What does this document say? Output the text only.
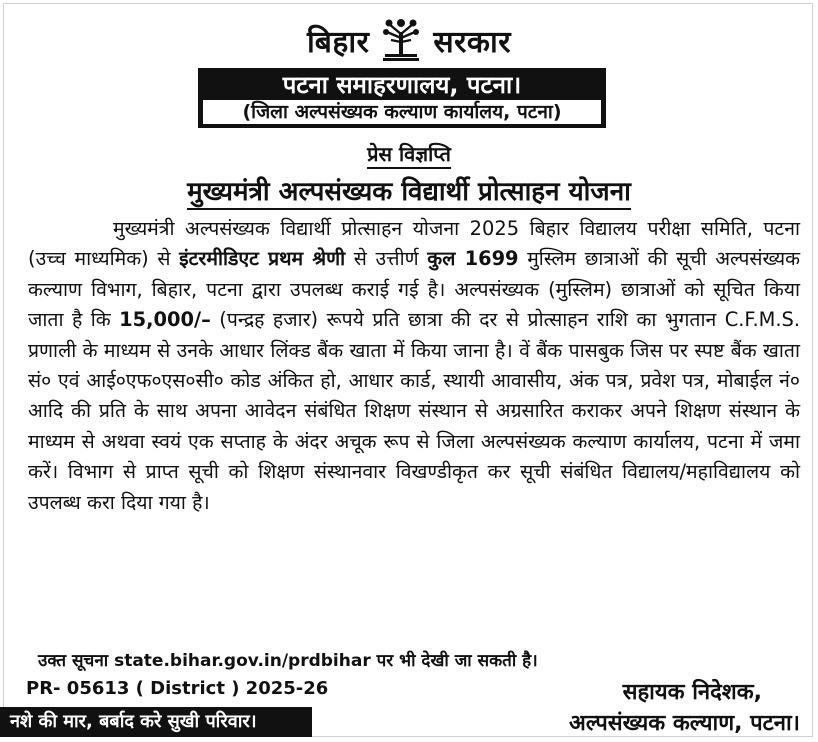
बिहार सरकार
पटना समाहरणालय, पटना।
(जिला अल्पसंख्यक कल्याण कार्यालय, पटना)
प्रेस विज्ञप्ति
मुख्यमंत्री अल्पसंख्यक विद्यार्थी प्रोत्साहन योजना

मुख्यमंत्री अल्पसंख्यक विद्यार्थी प्रोत्साहन योजना 2025 बिहार विद्यालय परीक्षा समिति, पटना (उच्च माध्यमिक) से इंटरमीडिएट प्रथम श्रेणी से उत्तीर्ण कुल 1699 मुस्लिम छात्राओं की सूची अल्पसंख्यक कल्याण विभाग, बिहार, पटना द्वारा उपलब्ध कराई गई है। अल्पसंख्यक (मुस्लिम) छात्राओं को सूचित किया जाता है कि 15,000/– (पन्द्रह हजार) रूपये प्रति छात्रा की दर से प्रोत्साहन राशि का भुगतान C.F.M.S. प्रणाली के माध्यम से उनके आधार लिंक्ड बैंक खाता में किया जाना है। वें बैंक पासबुक जिस पर स्पष्ट बैंक खाता सं० एवं आई०एफ०एस०सी० कोड अंकित हो, आधार कार्ड, स्थायी आवासीय, अंक पत्र, प्रवेश पत्र, मोबाईल नं० आदि की प्रति के साथ अपना आवेदन संबंधित शिक्षण संस्थान से अग्रसारित कराकर अपने शिक्षण संस्थान के माध्यम से अथवा स्वयं एक सप्ताह के अंदर अचूक रूप से जिला अल्पसंख्यक कल्याण कार्यालय, पटना में जमा करें। विभाग से प्राप्त सूची को शिक्षण संस्थानवार विखण्डीकृत कर सूची संबंधित विद्यालय/महाविद्यालय को उपलब्ध करा दिया गया है।

उक्त सूचना state.bihar.gov.in/prdbihar पर भी देखी जा सकती है।
PR- 05613 ( District ) 2025-26
नशे की मार, बर्बाद करे सुखी परिवार।
सहायक निदेशक,
अल्पसंख्यक कल्याण, पटना।
